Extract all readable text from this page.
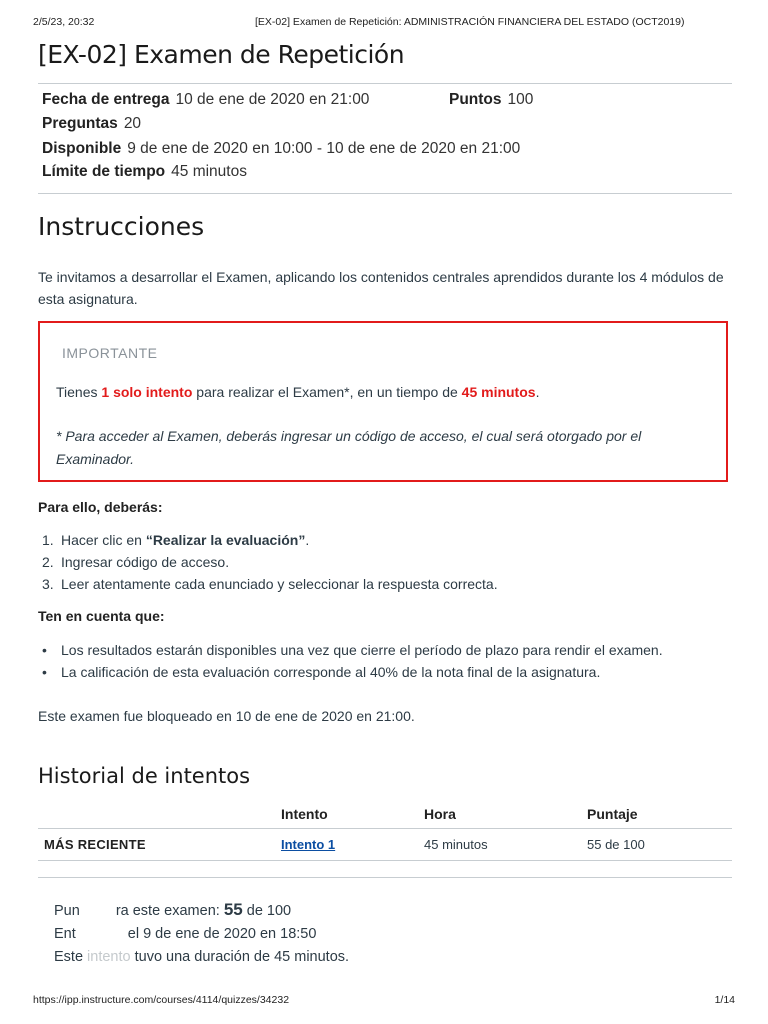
2/5/23, 20:32	[EX-02] Examen de Repetición: ADMINISTRACIÓN FINANCIERA DEL ESTADO (OCT2019)
[EX-02] Examen de Repetición
Fecha de entrega 10 de ene de 2020 en 21:00	Puntos 100
Preguntas 20
Disponible 9 de ene de 2020 en 10:00 - 10 de ene de 2020 en 21:00
Límite de tiempo 45 minutos
Instrucciones
Te invitamos a desarrollar el Examen, aplicando los contenidos centrales aprendidos durante los 4 módulos de esta asignatura.
IMPORTANTE
Tienes 1 solo intento para realizar el Examen*, en un tiempo de 45 minutos.
* Para acceder al Examen, deberás ingresar un código de acceso, el cual será otorgado por el Examinador.
Para ello, deberás:
1. Hacer clic en “Realizar la evaluación”.
2. Ingresar código de acceso.
3. Leer atentamente cada enunciado y seleccionar la respuesta correcta.
Ten en cuenta que:
• Los resultados estarán disponibles una vez que cierre el período de plazo para rendir el examen.
• La calificación de esta evaluación corresponde al 40% de la nota final de la asignatura.
Este examen fue bloqueado en 10 de ene de 2020 en 21:00.
Historial de intentos
	Intento	Hora	Puntaje
MÁS RECIENTE	Intento 1	45 minutos	55 de 100
Pun ra este examen: 55 de 100
Ent	el 9 de ene de 2020 en 18:50
Este intento tuvo una duración de 45 minutos.
https://ipp.instructure.com/courses/4114/quizzes/34232	1/14
